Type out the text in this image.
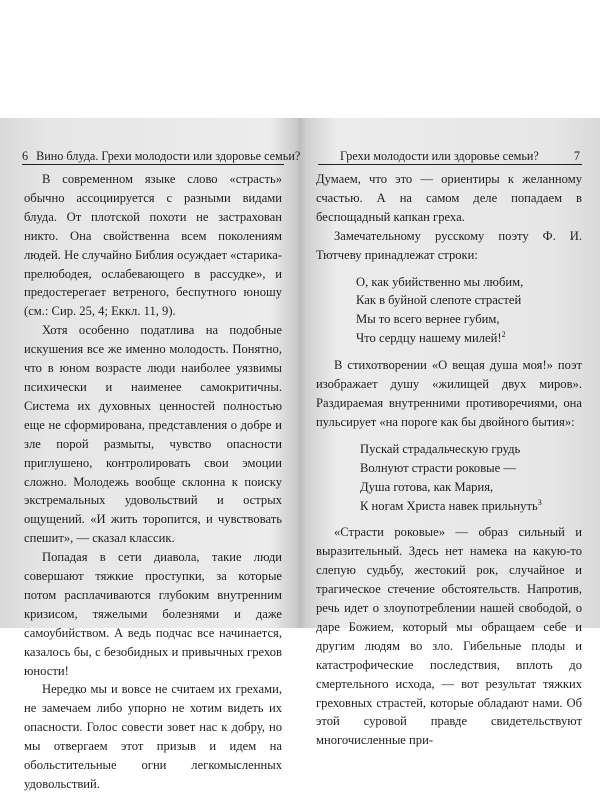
6 Вино блуда. Грехи молодости или здоровье семьи?

В современном языке слово «страсть» обычно ассоциируется с разными видами блуда. От плотской похоти не застрахован никто. Она свойственна всем поколениям людей. Не случайно Библия осуждает «старика-прелюбодея, ослабевающего в рассудке», и предостерегает ветреного, беспутного юношу (см.: Сир. 25, 4; Еккл. 11, 9).

Хотя особенно податлива на подобные искушения все же именно молодость. Понятно, что в юном возрасте люди наиболее уязвимы психически и наименее самокритичны. Система их духовных ценностей полностью еще не сформирована, представления о добре и зле порой размыты, чувство опасности приглушено, контролировать свои эмоции сложно. Молодежь вообще склонна к поиску экстремальных удовольствий и острых ощущений. «И жить торопится, и чувствовать спешит», — сказал классик.

Попадая в сети диавола, такие люди совершают тяжкие проступки, за которые потом расплачиваются глубоким внутренним кризисом, тяжелыми болезнями и даже самоубийством. А ведь подчас все начинается, казалось бы, с безобидных и привычных грехов юности!

Нередко мы и вовсе не считаем их грехами, не замечаем либо упорно не хотим видеть их опасности. Голос совести зовет нас к добру, но мы отвергаем этот призыв и идем на обольстительные огни легкомысленных удовольствий.

Грехи молодости или здоровье семьи?	7

Думаем, что это — ориентиры к желанному счастью. А на самом деле попадаем в беспощадный капкан греха.

Замечательному русскому поэту Ф. И. Тютчеву принадлежат строки:

О, как убийственно мы любим,
Как в буйной слепоте страстей
Мы то всего вернее губим,
Что сердцу нашему милей!$^2$

В стихотворении «О вещая душа моя!» поэт изображает душу «жилищей двух миров». Раздираемая внутренними противоречиями, она пульсирует «на пороге как бы двойного бытия»:

Пускай страдальческую грудь
Волнуют страсти роковые —
Душа готова, как Мария,
К ногам Христа навек прильнуть$^3$

«Страсти роковые» — образ сильный и выразительный. Здесь нет намека на какую-то слепую судьбу, жестокий рок, случайное и трагическое стечение обстоятельств. Напротив, речь идет о злоупотреблении нашей свободой, о даре Божием, который мы обращаем себе и другим людям во зло. Гибельные плоды и катастрофические последствия, вплоть до смертельного исхода, — вот результат тяжких греховных страстей, которые обладают нами. Об этой суровой правде свидетельствуют многочисленные при-
